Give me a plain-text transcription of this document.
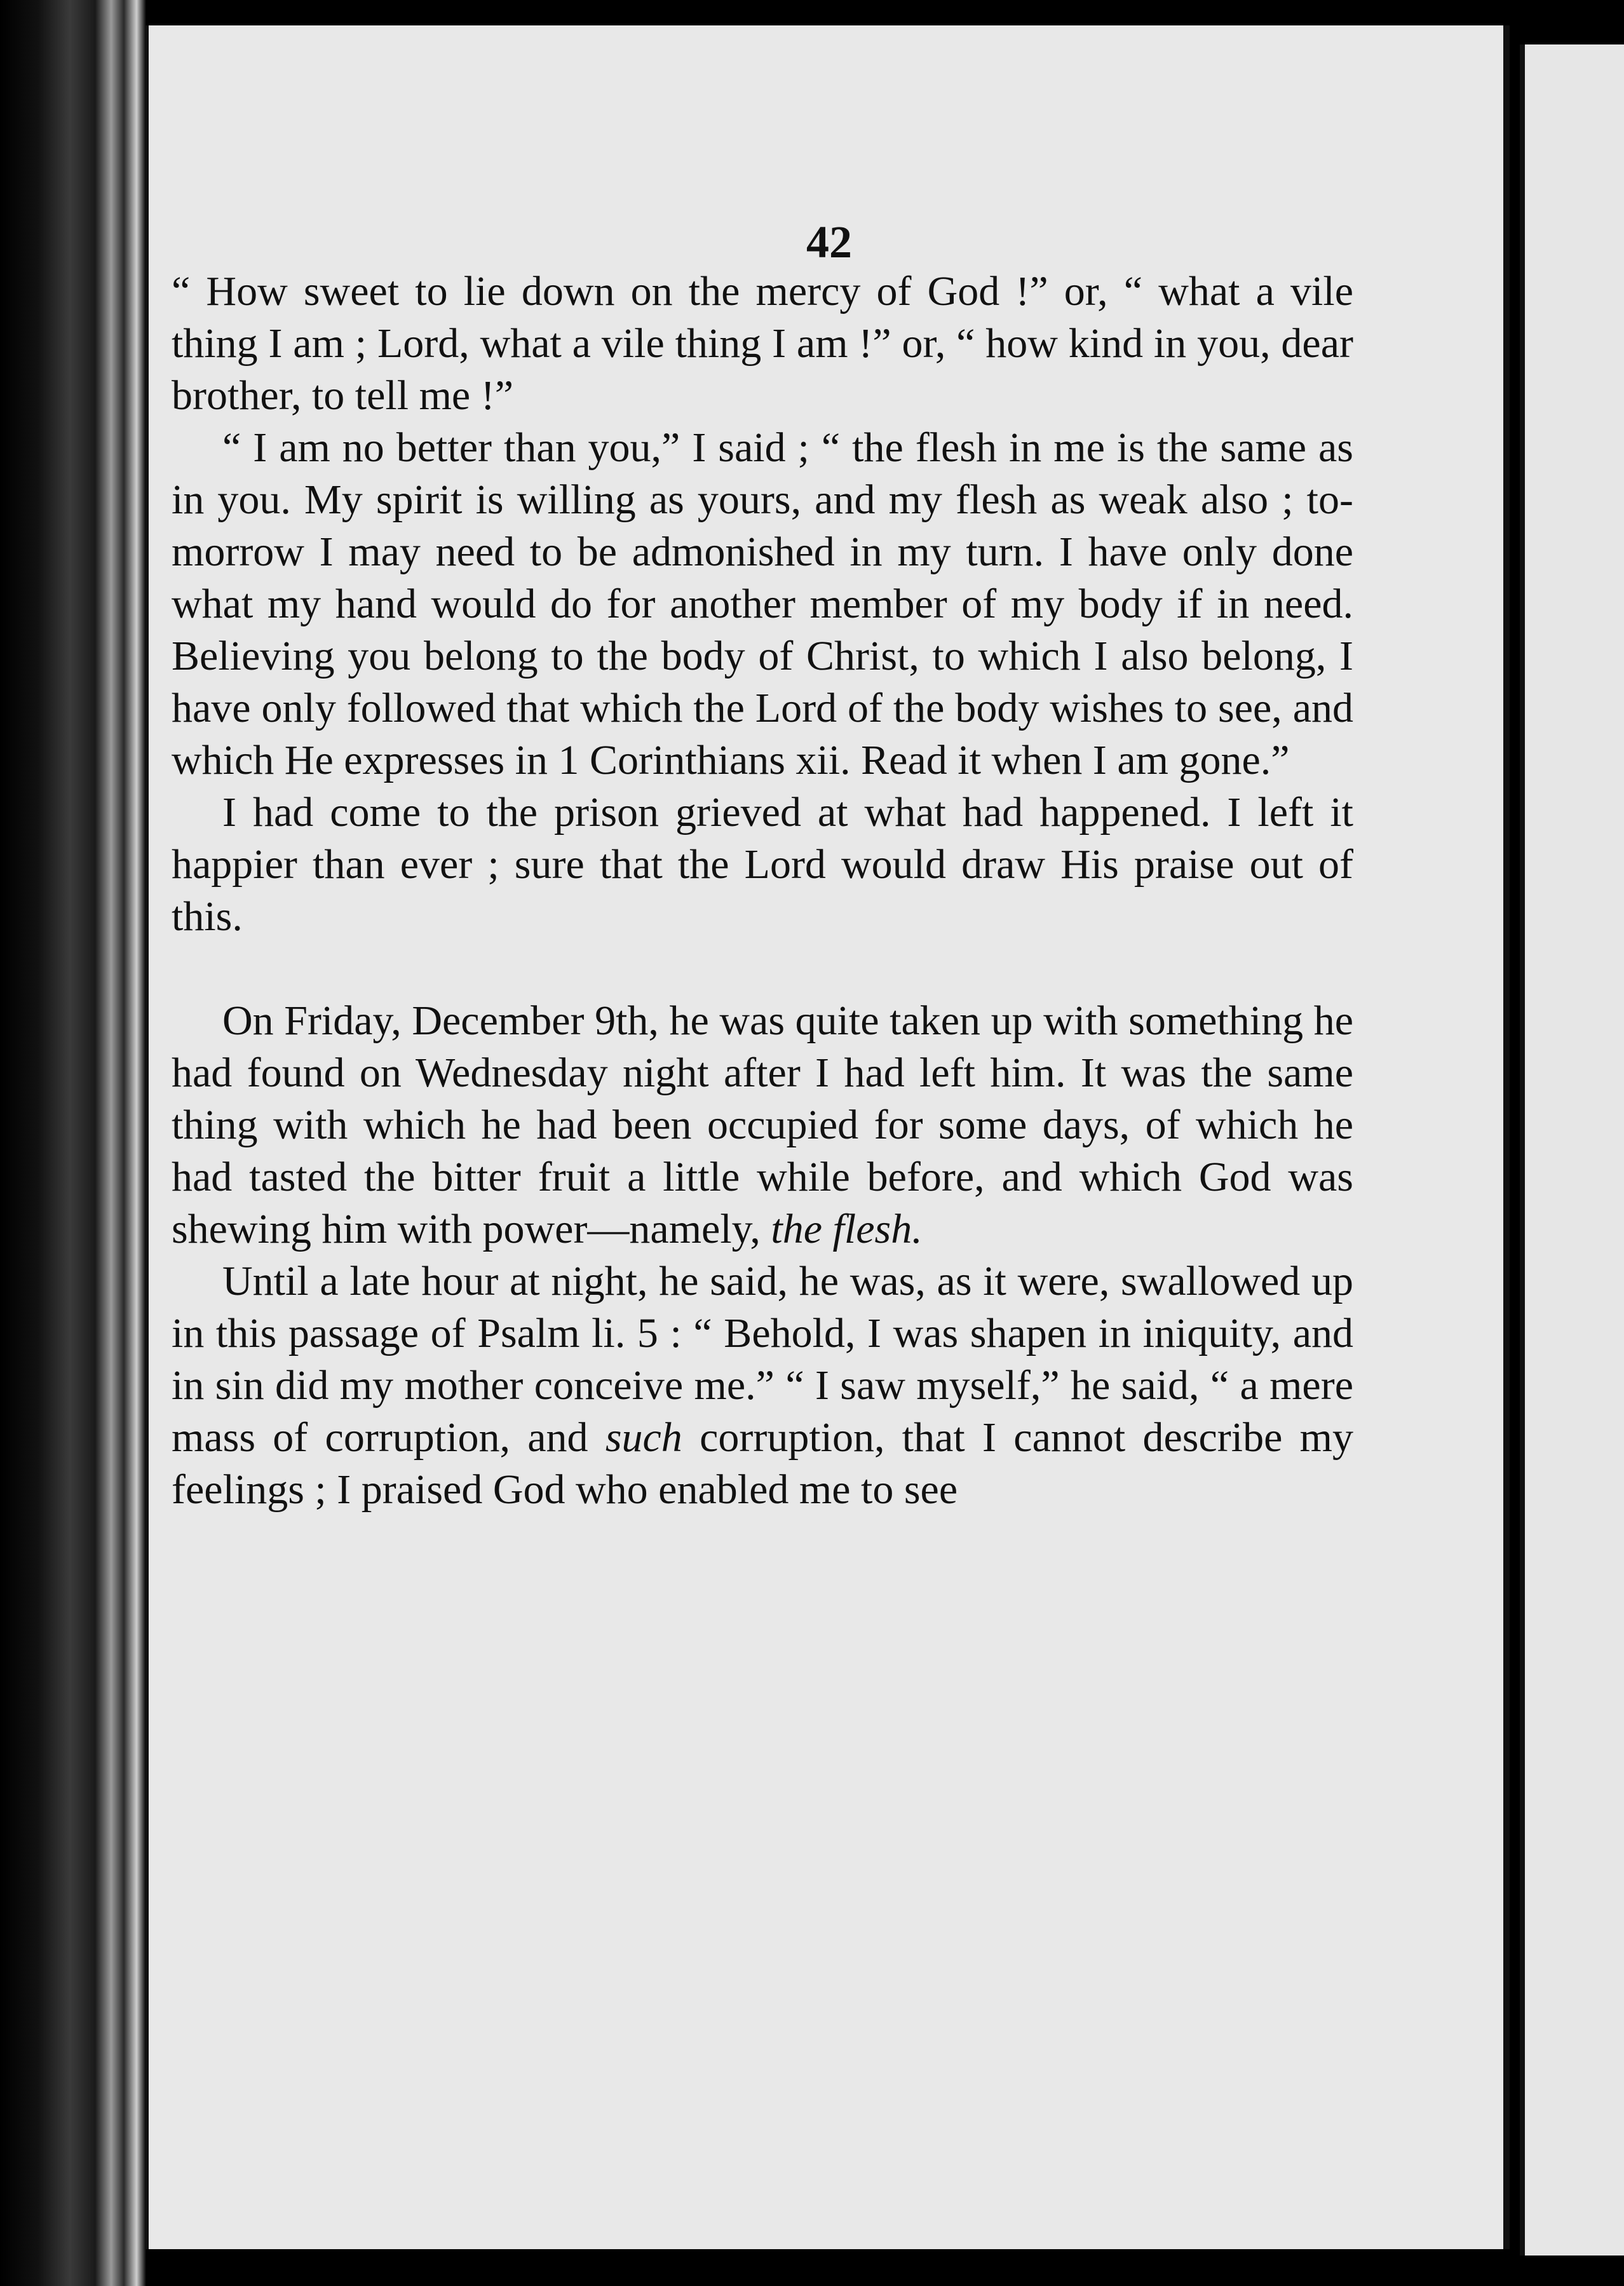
42

“ How sweet to lie down on the mercy of God !” or, “ what a vile thing I am ; Lord, what a vile thing I am !” or, “ how kind in you, dear brother, to tell me !”

“ I am no better than you,” I said ; “ the flesh in me is the same as in you. My spirit is willing as yours, and my flesh as weak also ; to-morrow I may need to be admonished in my turn. I have only done what my hand would do for another member of my body if in need. Believing you belong to the body of Christ, to which I also belong, I have only followed that which the Lord of the body wishes to see, and which He expresses in 1 Corinthians xii. Read it when I am gone.”

I had come to the prison grieved at what had happened. I left it happier than ever ; sure that the Lord would draw His praise out of this.

On Friday, December 9th, he was quite taken up with something he had found on Wednesday night after I had left him. It was the same thing with which he had been occupied for some days, of which he had tasted the bitter fruit a little while before, and which God was shewing him with power—namely, the flesh.

Until a late hour at night, he said, he was, as it were, swallowed up in this passage of Psalm li. 5 : “ Behold, I was shapen in iniquity, and in sin did my mother conceive me.” “ I saw myself,” he said, “ a mere mass of corruption, and such corruption, that I cannot describe my feelings ; I praised God who enabled me to see
